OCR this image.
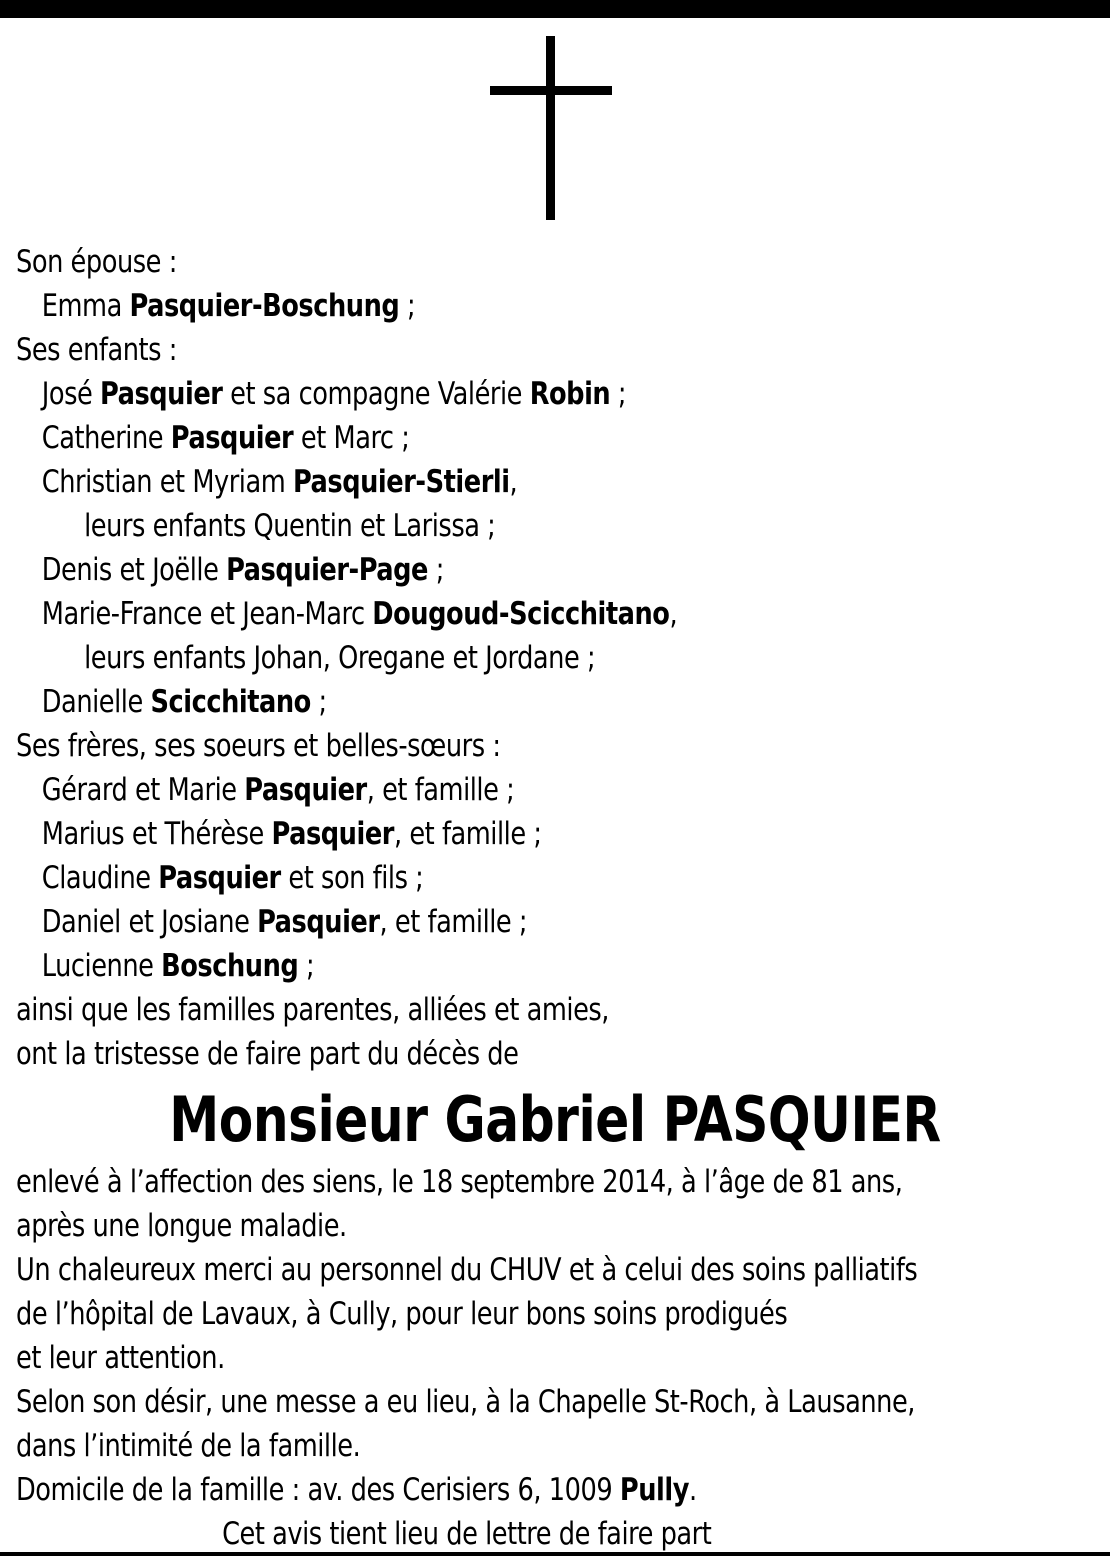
Son épouse :
Emma Pasquier-Boschung ;
Ses enfants :
José Pasquier et sa compagne Valérie Robin ;
Catherine Pasquier et Marc ;
Christian et Myriam Pasquier-Stierli,
leurs enfants Quentin et Larissa ;
Denis et Joëlle Pasquier-Page ;
Marie-France et Jean-Marc Dougoud-Scicchitano,
leurs enfants Johan, Oregane et Jordane ;
Danielle Scicchitano ;
Ses frères, ses soeurs et belles-sœurs :
Gérard et Marie Pasquier, et famille ;
Marius et Thérèse Pasquier, et famille ;
Claudine Pasquier et son fils ;
Daniel et Josiane Pasquier, et famille ;
Lucienne Boschung ;
ainsi que les familles parentes, alliées et amies,
ont la tristesse de faire part du décès de
Monsieur Gabriel PASQUIER
enlevé à l’affection des siens, le 18 septembre 2014, à l’âge de 81 ans,
après une longue maladie.
Un chaleureux merci au personnel du CHUV et à celui des soins palliatifs
de l’hôpital de Lavaux, à Cully, pour leur bons soins prodigués
et leur attention.
Selon son désir, une messe a eu lieu, à la Chapelle St-Roch, à Lausanne,
dans l’intimité de la famille.
Domicile de la famille : av. des Cerisiers 6, 1009 Pully.
Cet avis tient lieu de lettre de faire part
